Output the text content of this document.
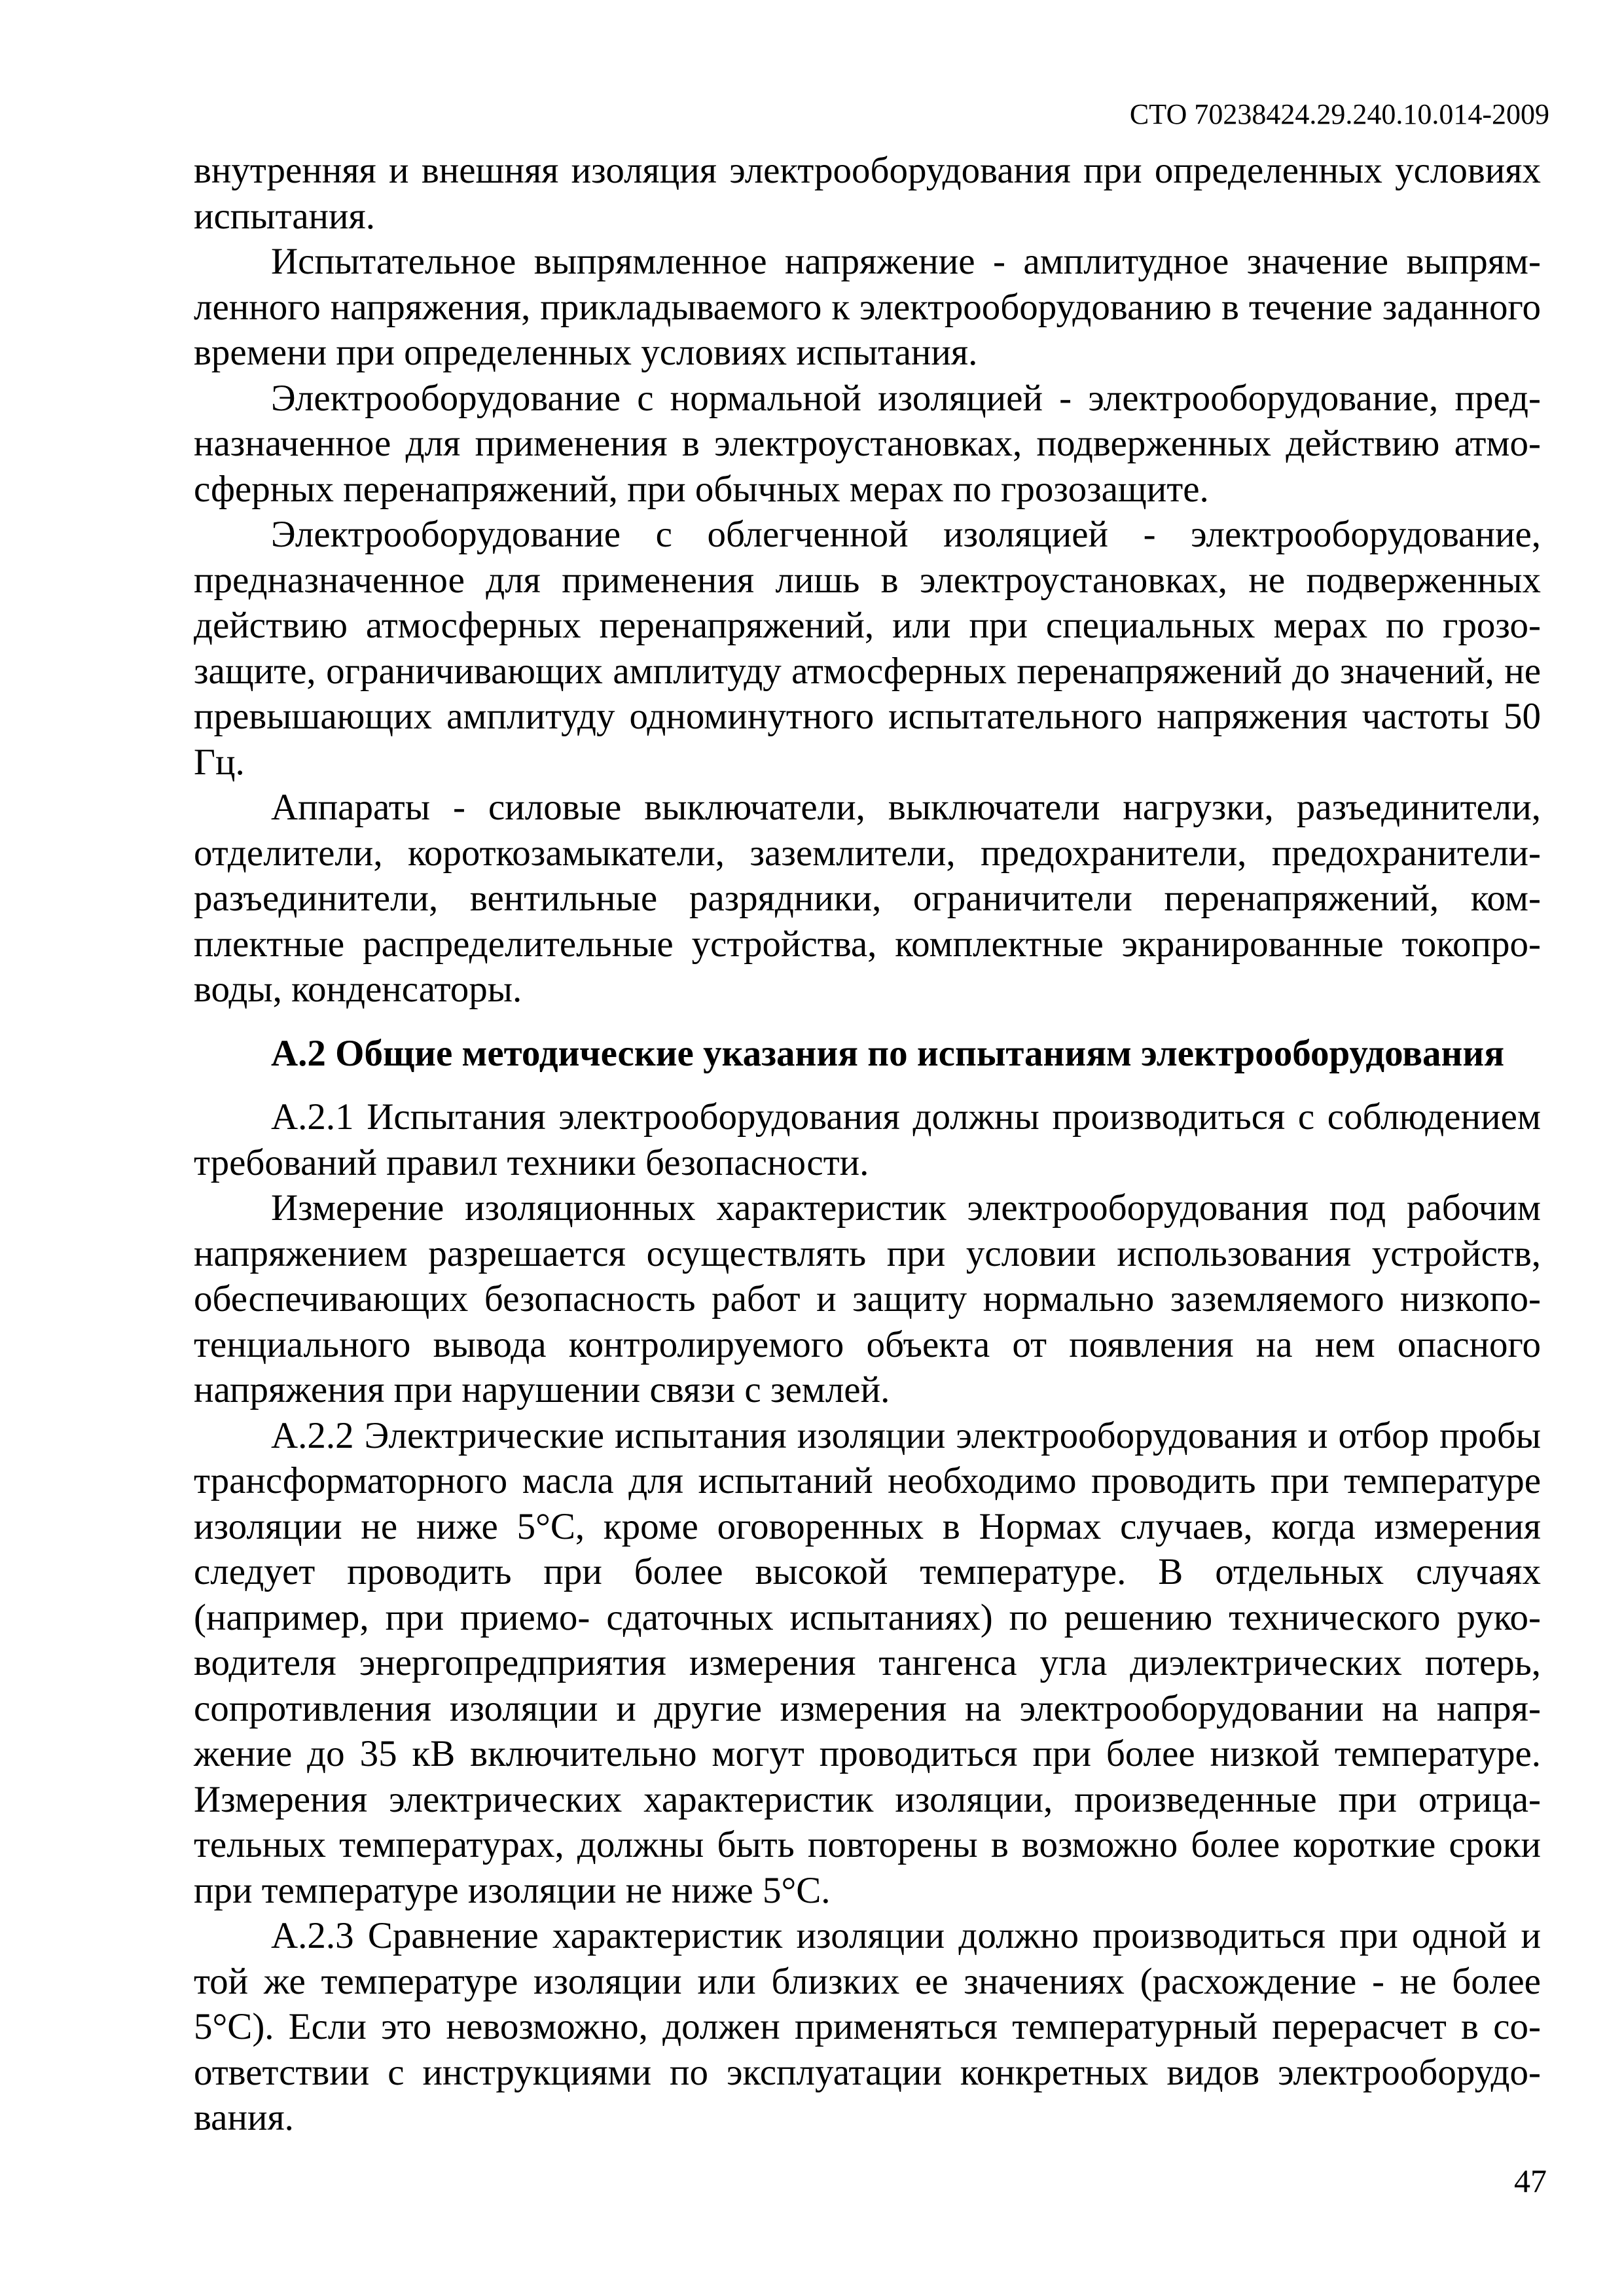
СТО 70238424.29.240.10.014-2009

внутренняя и внешняя изоляция электрооборудования при определенных условиях испытания.

Испытательное выпрямленное напряжение - амплитудное значение выпрямленного напряжения, прикладываемого к электрооборудованию в течение заданного времени при определенных условиях испытания.

Электрооборудование с нормальной изоляцией - электрооборудование, предназначенное для применения в электроустановках, подверженных действию атмосферных перенапряжений, при обычных мерах по грозозащите.

Электрооборудование с облегченной изоляцией - электрооборудование, предназначенное для применения лишь в электроустановках, не подверженных действию атмосферных перенапряжений, или при специальных мерах по грозозащите, ограничивающих амплитуду атмосферных перенапряжений до значений, не превышающих амплитуду одноминутного испытательного напряжения частоты 50 Гц.

Аппараты - силовые выключатели, выключатели нагрузки, разъединители, отделители, короткозамыкатели, заземлители, предохранители, предохранители-разъединители, вентильные разрядники, ограничители перенапряжений, комплектные распределительные устройства, комплектные экранированные токопроводы, конденсаторы.

А.2 Общие методические указания по испытаниям электрооборудования

А.2.1 Испытания электрооборудования должны производиться с соблюдением требований правил техники безопасности.

Измерение изоляционных характеристик электрооборудования под рабочим напряжением разрешается осуществлять при условии использования устройств, обеспечивающих безопасность работ и защиту нормально заземляемого низкопотенциального вывода контролируемого объекта от появления на нем опасного напряжения при нарушении связи с землей.

А.2.2 Электрические испытания изоляции электрооборудования и отбор пробы трансформаторного масла для испытаний необходимо проводить при температуре изоляции не ниже 5°С, кроме оговоренных в Нормах случаев, когда измерения следует проводить при более высокой температуре. В отдельных случаях (например, при приемо- сдаточных испытаниях) по решению технического руководителя энергопредприятия измерения тангенса угла диэлектрических потерь, сопротивления изоляции и другие измерения на электрооборудовании на напряжение до 35 кВ включительно могут проводиться при более низкой температуре. Измерения электрических характеристик изоляции, произведенные при отрицательных температурах, должны быть повторены в возможно более короткие сроки при температуре изоляции не ниже 5°С.

А.2.3 Сравнение характеристик изоляции должно производиться при одной и той же температуре изоляции или близких ее значениях (расхождение - не более 5°С). Если это невозможно, должен применяться температурный перерасчет в соответствии с инструкциями по эксплуатации конкретных видов электрооборудования.

47
